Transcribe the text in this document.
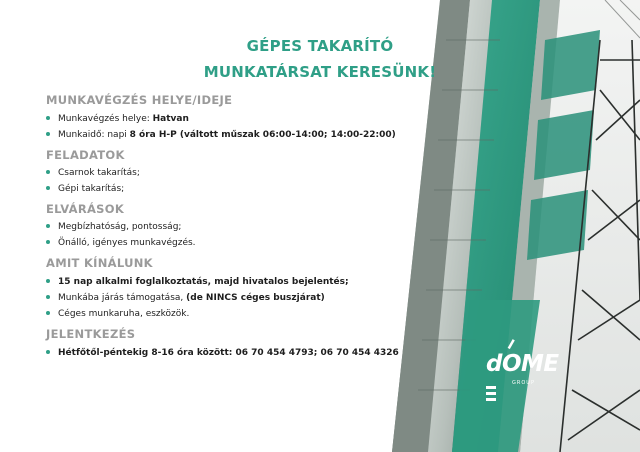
GÉPES TAKARÍTÓ
MUNKATÁRSAT KERESÜNK!
MUNKAVÉGZÉS HELYE/IDEJE
Munkavégzés helye: Hatvan
Munkaidő: napi 8 óra H-P (váltott műszak 06:00-14:00; 14:00-22:00)
FELADATOK
Csarnok takarítás;
Gépi takarítás;
ELVÁRÁSOK
Megbízhatóság, pontosság;
Önálló, igényes munkavégzés.
AMIT KÍNÁLUNK
15 nap alkalmi foglalkoztatás, majd hivatalos bejelentés;
Munkába járás támogatása, (de NINCS céges buszjárat)
Céges munkaruha, eszközök.
JELENTKEZÉS
Hétfőtől-péntekig 8-16 óra között: 06 70 454 4793; 06 70 454 4326	dOME
GROUP
